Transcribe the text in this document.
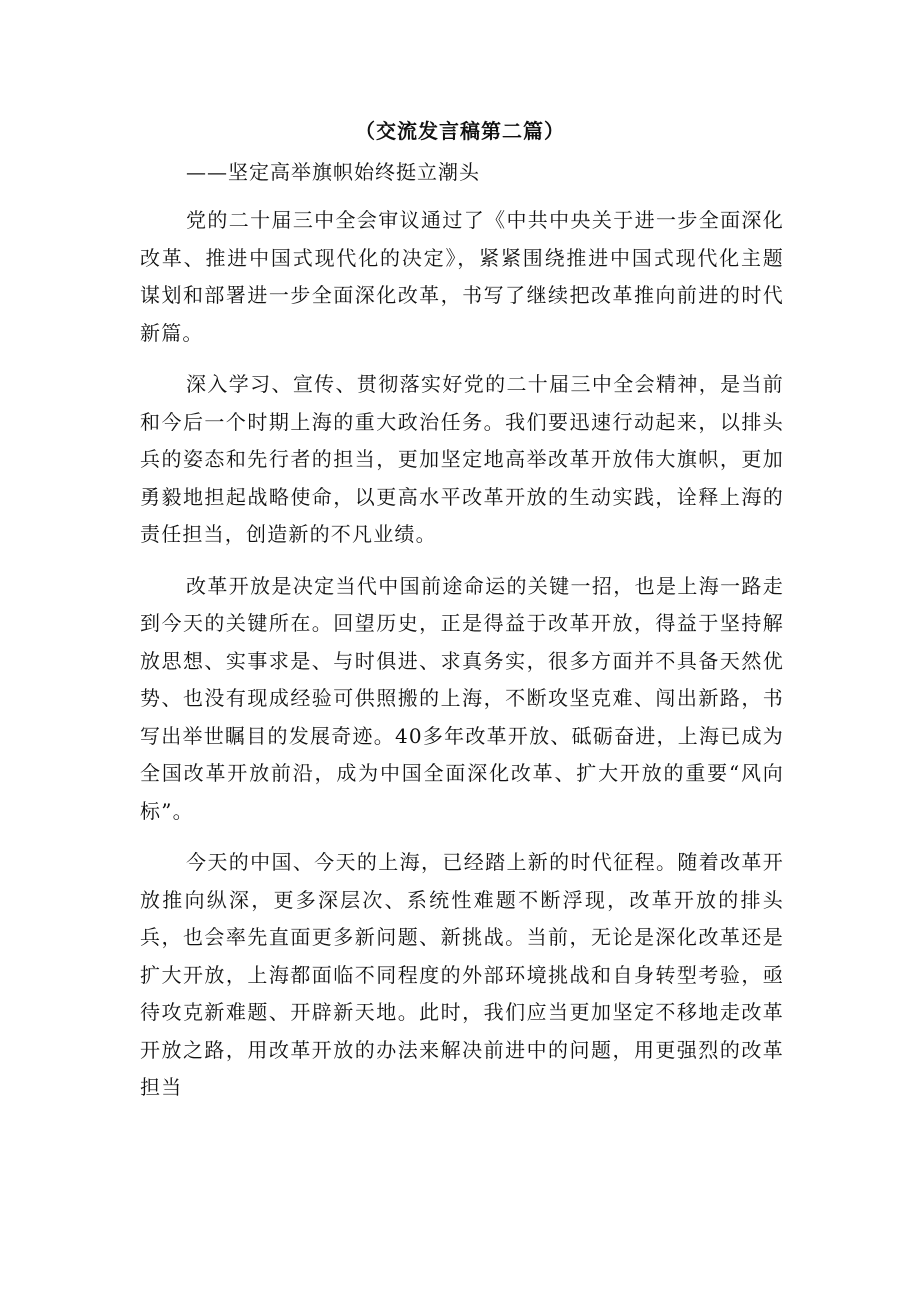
（交流发言稿第二篇）
——坚定高举旗帜始终挺立潮头

党的二十届三中全会审议通过了《中共中央关于进一步全面深化改革、推进中国式现代化的决定》，紧紧围绕推进中国式现代化主题谋划和部署进一步全面深化改革，书写了继续把改革推向前进的时代新篇。

深入学习、宣传、贯彻落实好党的二十届三中全会精神，是当前和今后一个时期上海的重大政治任务。我们要迅速行动起来，以排头兵的姿态和先行者的担当，更加坚定地高举改革开放伟大旗帜，更加勇毅地担起战略使命，以更高水平改革开放的生动实践，诠释上海的责任担当，创造新的不凡业绩。

改革开放是决定当代中国前途命运的关键一招，也是上海一路走到今天的关键所在。回望历史，正是得益于改革开放，得益于坚持解放思想、实事求是、与时俱进、求真务实，很多方面并不具备天然优势、也没有现成经验可供照搬的上海，不断攻坚克难、闯出新路，书写出举世瞩目的发展奇迹。40多年改革开放、砥砺奋进，上海已成为全国改革开放前沿，成为中国全面深化改革、扩大开放的重要“风向标”。

今天的中国、今天的上海，已经踏上新的时代征程。随着改革开放推向纵深，更多深层次、系统性难题不断浮现，改革开放的排头兵，也会率先直面更多新问题、新挑战。当前，无论是深化改革还是扩大开放，上海都面临不同程度的外部环境挑战和自身转型考验，亟待攻克新难题、开辟新天地。此时，我们应当更加坚定不移地走改革开放之路，用改革开放的办法来解决前进中的问题，用更强烈的改革担当
